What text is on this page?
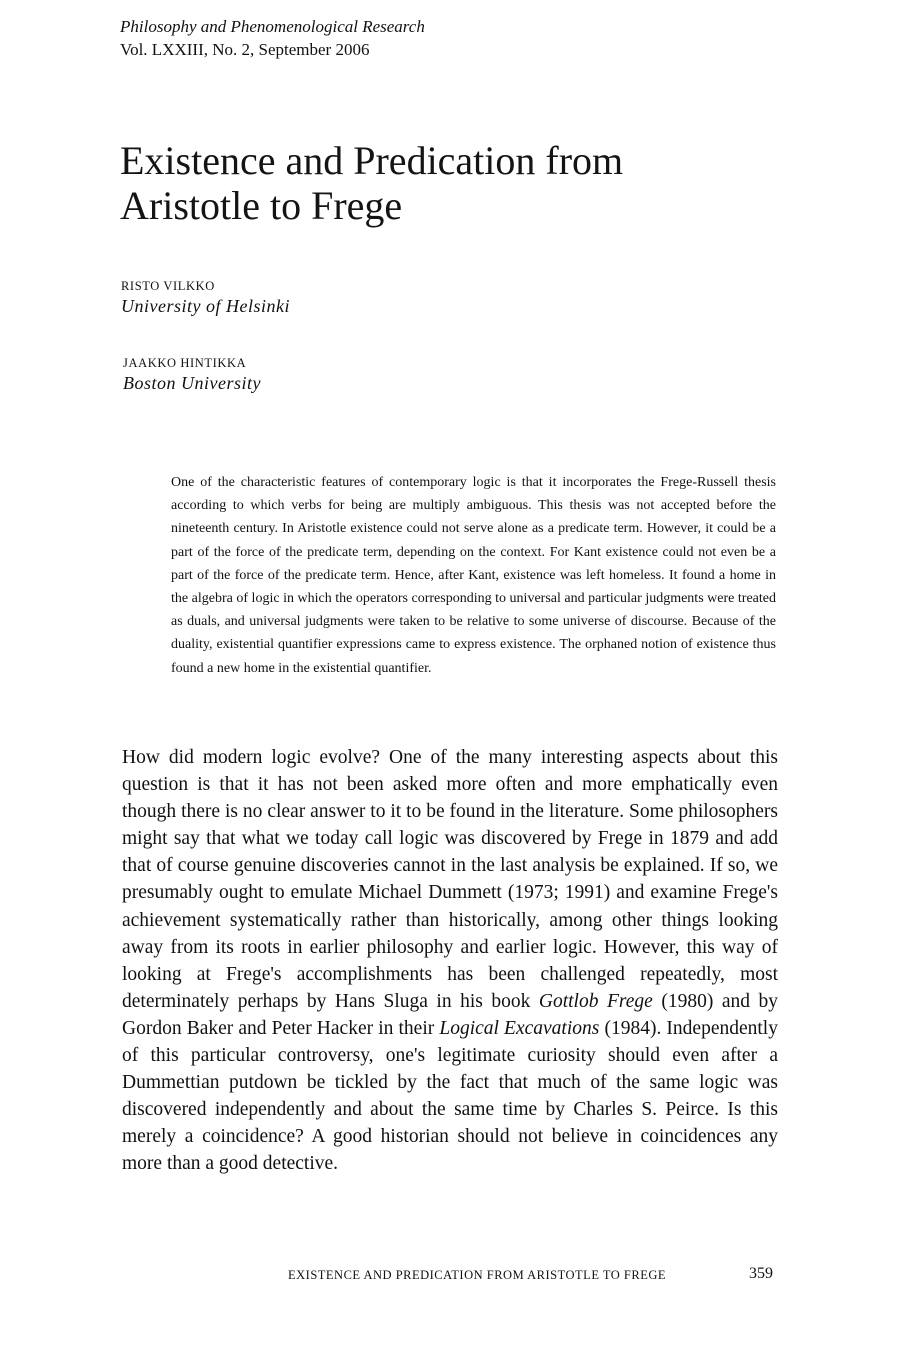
Philosophy and Phenomenological Research
Vol. LXXIII, No. 2, September 2006
Existence and Predication from Aristotle to Frege
RISTO VILKKO
University of Helsinki
JAAKKO HINTIKKA
Boston University

One of the characteristic features of contemporary logic is that it incorporates the Frege-Russell thesis according to which verbs for being are multiply ambiguous. This thesis was not accepted before the nineteenth century. In Aristotle existence could not serve alone as a predicate term. However, it could be a part of the force of the predicate term, depending on the context. For Kant existence could not even be a part of the force of the predicate term. Hence, after Kant, existence was left homeless. It found a home in the algebra of logic in which the operators corresponding to universal and particular judgments were treated as duals, and universal judgments were taken to be relative to some universe of discourse. Because of the duality, existential quantifier expressions came to express existence. The orphaned notion of existence thus found a new home in the existential quantifier.

How did modern logic evolve? One of the many interesting aspects about this question is that it has not been asked more often and more emphatically even though there is no clear answer to it to be found in the literature. Some philosophers might say that what we today call logic was discovered by Frege in 1879 and add that of course genuine discoveries cannot in the last analysis be explained. If so, we presumably ought to emulate Michael Dummett (1973; 1991) and examine Frege's achievement systematically rather than historically, among other things looking away from its roots in earlier philosophy and earlier logic. However, this way of looking at Frege's accomplishments has been challenged repeatedly, most determinately perhaps by Hans Sluga in his book Gottlob Frege (1980) and by Gordon Baker and Peter Hacker in their Logical Excavations (1984). Independently of this particular controversy, one's legitimate curiosity should even after a Dummettian putdown be tickled by the fact that much of the same logic was discovered independently and about the same time by Charles S. Peirce. Is this merely a coincidence? A good historian should not believe in coincidences any more than a good detective.

EXISTENCE AND PREDICATION FROM ARISTOTLE TO FREGE	359
